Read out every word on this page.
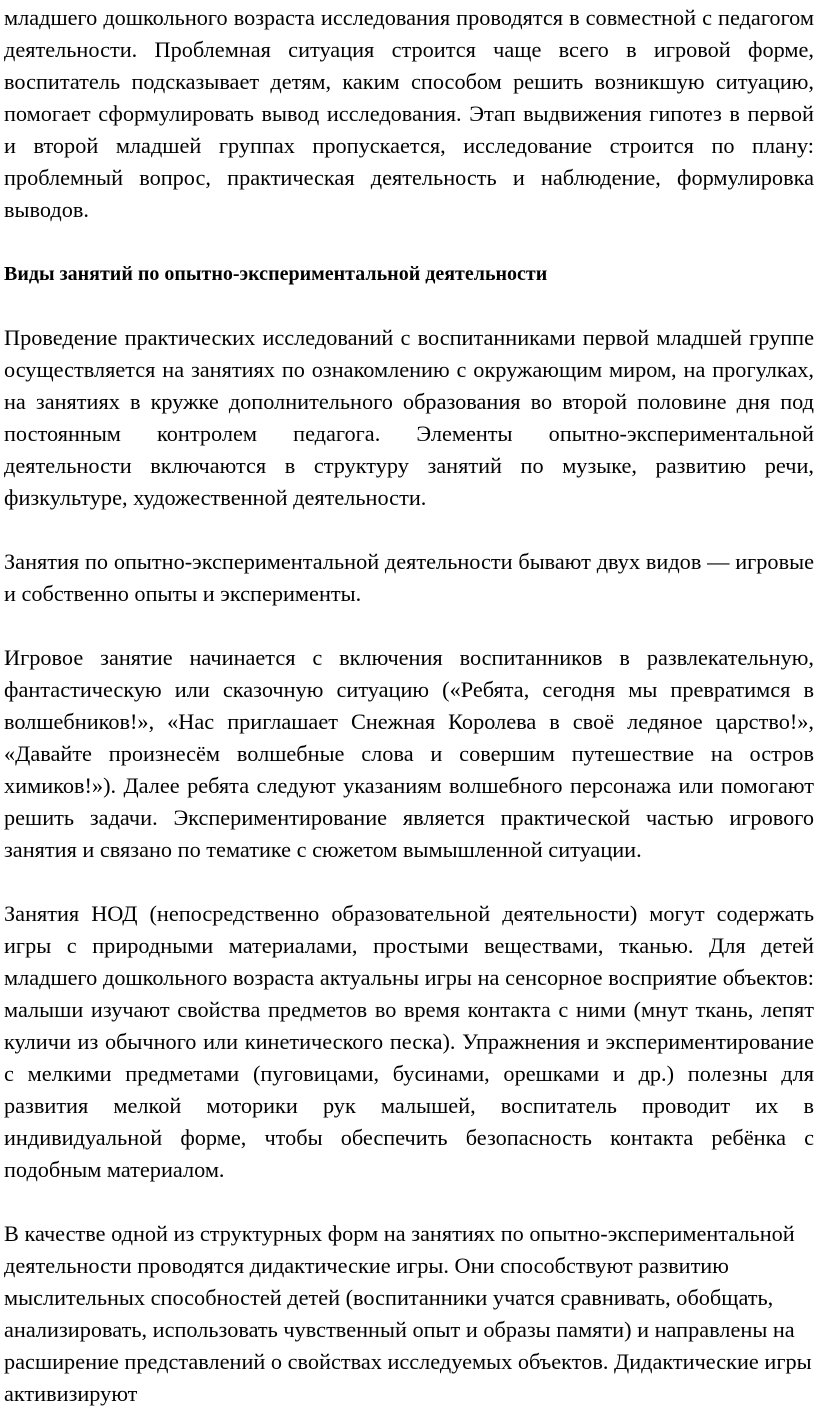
младшего дошкольного возраста исследования проводятся в совместной с педагогом деятельности. Проблемная ситуация строится чаще всего в игровой форме, воспитатель подсказывает детям, каким способом решить возникшую ситуацию, помогает сформулировать вывод исследования. Этап выдвижения гипотез в первой и второй младшей группах пропускается, исследование строится по плану: проблемный вопрос, практическая деятельность и наблюдение, формулировка выводов.

Виды занятий по опытно-экспериментальной деятельности

Проведение практических исследований с воспитанниками первой младшей группе осуществляется на занятиях по ознакомлению с окружающим миром, на прогулках, на занятиях в кружке дополнительного образования во второй половине дня под постоянным контролем педагога. Элементы опытно-экспериментальной деятельности включаются в структуру занятий по музыке, развитию речи, физкультуре, художественной деятельности.

Занятия по опытно-экспериментальной деятельности бывают двух видов — игровые и собственно опыты и эксперименты.

Игровое занятие начинается с включения воспитанников в развлекательную, фантастическую или сказочную ситуацию («Ребята, сегодня мы превратимся в волшебников!», «Нас приглашает Снежная Королева в своё ледяное царство!», «Давайте произнесём волшебные слова и совершим путешествие на остров химиков!»). Далее ребята следуют указаниям волшебного персонажа или помогают решить задачи. Экспериментирование является практической частью игрового занятия и связано по тематике с сюжетом вымышленной ситуации.

Занятия НОД (непосредственно образовательной деятельности) могут содержать игры с природными материалами, простыми веществами, тканью. Для детей младшего дошкольного возраста актуальны игры на сенсорное восприятие объектов: малыши изучают свойства предметов во время контакта с ними (мнут ткань, лепят куличи из обычного или кинетического песка). Упражнения и экспериментирование с мелкими предметами (пуговицами, бусинами, орешками и др.) полезны для развития мелкой моторики рук малышей, воспитатель проводит их в индивидуальной форме, чтобы обеспечить безопасность контакта ребёнка с подобным материалом.

В качестве одной из структурных форм на занятиях по опытно-экспериментальной деятельности проводятся дидактические игры. Они способствуют развитию мыслительных способностей детей (воспитанники учатся сравнивать, обобщать, анализировать, использовать чувственный опыт и образы памяти) и направлены на расширение представлений о свойствах исследуемых объектов. Дидактические игры активизируют
